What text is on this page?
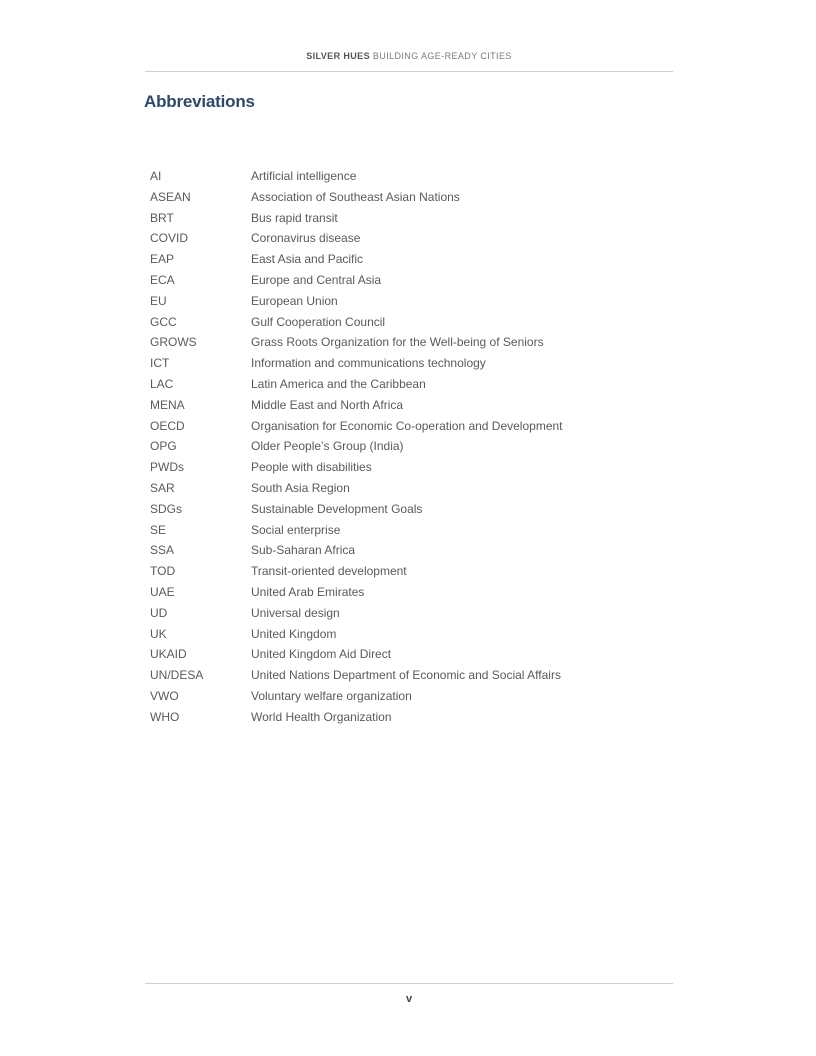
SILVER HUES BUILDING AGE-READY CITIES
Abbreviations
AI	Artificial intelligence
ASEAN	Association of Southeast Asian Nations
BRT	Bus rapid transit
COVID	Coronavirus disease
EAP	East Asia and Pacific
ECA	Europe and Central Asia
EU	European Union
GCC	Gulf Cooperation Council
GROWS	Grass Roots Organization for the Well-being of Seniors
ICT	Information and communications technology
LAC	Latin America and the Caribbean
MENA	Middle East and North Africa
OECD	Organisation for Economic Co-operation and Development
OPG	Older People’s Group (India)
PWDs	People with disabilities
SAR	South Asia Region
SDGs	Sustainable Development Goals
SE	Social enterprise
SSA	Sub-Saharan Africa
TOD	Transit-oriented development
UAE	United Arab Emirates
UD	Universal design
UK	United Kingdom
UKAID	United Kingdom Aid Direct
UN/DESA	United Nations Department of Economic and Social Affairs
VWO	Voluntary welfare organization
WHO	World Health Organization
v
